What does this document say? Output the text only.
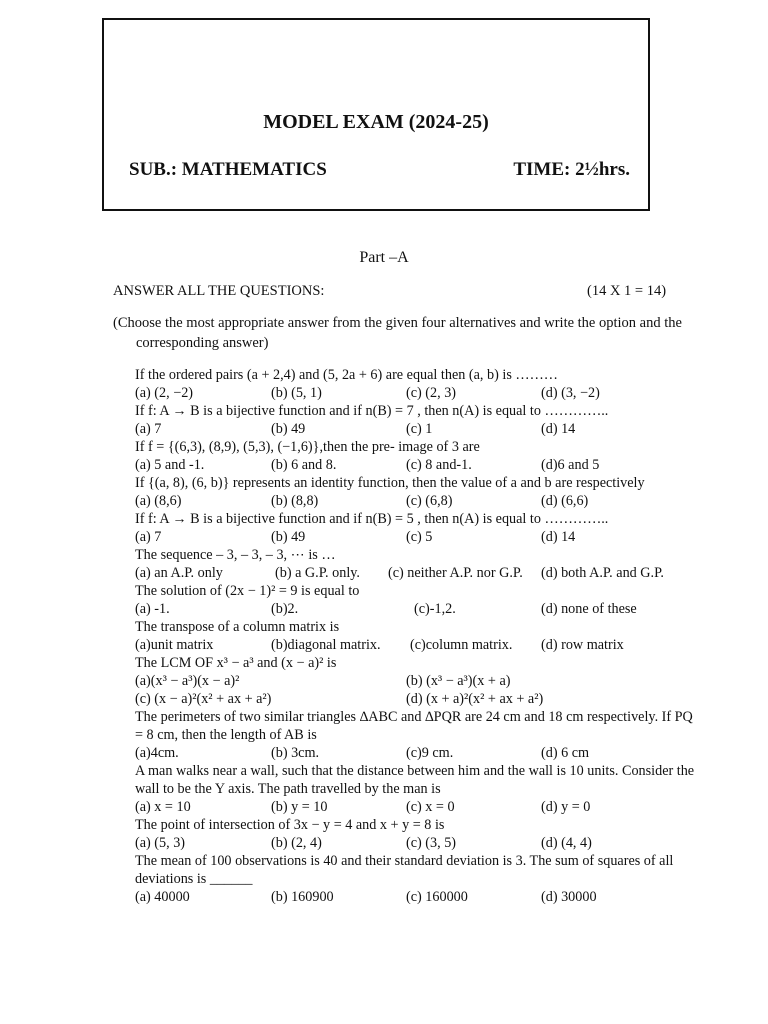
MODEL EXAM (2024-25)
SUB.: MATHEMATICS	TIME: 2½hrs.
Part –A
ANSWER ALL THE QUESTIONS:	(14 X 1 = 14)
(Choose the most appropriate answer from the given four alternatives and write the option and the corresponding answer)
If the ordered pairs (a + 2,4) and (5, 2a + 6) are equal then (a, b) is ………
(a) (2, −2)	(b) (5, 1)	(c) (2, 3)	(d) (3, −2)
If f: A → B is a bijective function and if n(B) = 7 , then n(A) is equal to …………..
(a) 7	(b) 49	(c) 1	(d) 14
If f = {(6,3), (8,9), (5,3), (−1,6)},then the pre- image of 3 are
(a) 5 and -1.	(b) 6 and 8.	(c) 8 and-1.	(d)6 and 5
If {(a, 8), (6, b)} represents an identity function, then the value of a and b are respectively
(a) (8,6)	(b) (8,8)	(c) (6,8)	(d) (6,6)
If f: A → B is a bijective function and if n(B) = 5 , then n(A) is equal to …………..
(a) 7	(b) 49	(c) 5	(d) 14
The sequence – 3, – 3, – 3, ⋯ is …
(a) an A.P. only	(b) a G.P. only. (c) neither A.P. nor G.P. (d) both A.P. and G.P.
The solution of (2x − 1)² = 9 is equal to
(a) -1.	(b)2.	(c)-1,2.	(d) none of these
The transpose of a column matrix is
(a)unit matrix	(b)diagonal matrix. (c)column matrix. (d) row matrix
The LCM OF x³ − a³ and (x − a)² is
(a)(x³ − a³)(x − a)²	(b) (x³ − a³)(x + a)
(c) (x − a)²(x² + ax + a²)	(d) (x + a)²(x² + ax + a²)
The perimeters of two similar triangles ∆ABC and ∆PQR are 24 cm and 18 cm respectively. If PQ = 8 cm, then the length of AB is
(a)4cm.	(b) 3cm.	(c)9 cm.	(d) 6 cm
A man walks near a wall, such that the distance between him and the wall is 10 units. Consider the wall to be the Y axis. The path travelled by the man is
(a) x = 10	(b) y = 10	(c) x = 0	(d) y = 0
The point of intersection of 3x − y = 4 and x + y = 8 is
(a) (5, 3)	(b) (2, 4)	(c) (3, 5)	(d) (4, 4)
The mean of 100 observations is 40 and their standard deviation is 3. The sum of squares of all deviations is ______
(a) 40000	(b) 160900	(c) 160000	(d) 30000
